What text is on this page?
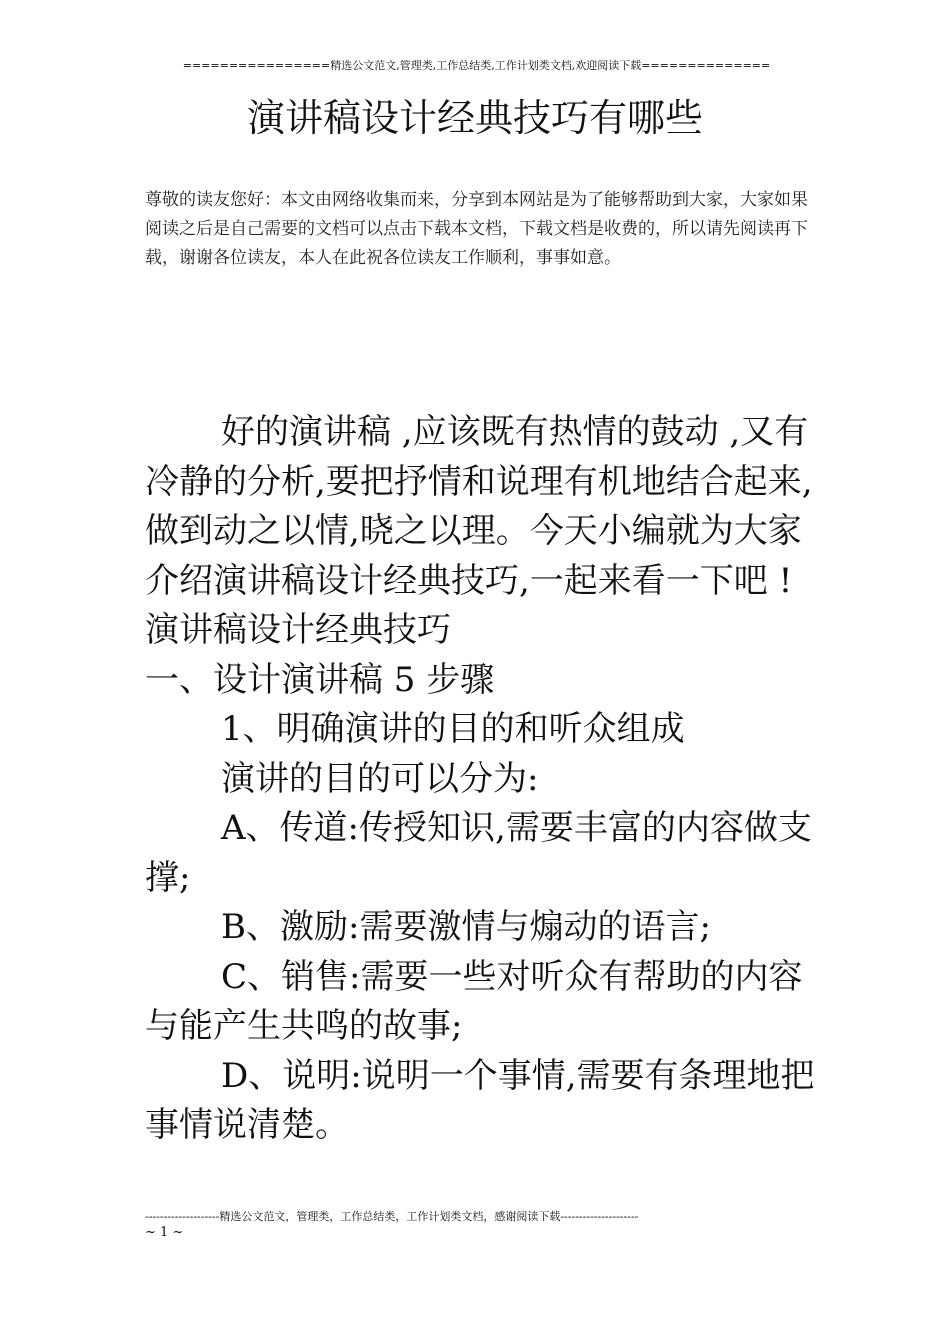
================精选公文范文,管理类,工作总结类,工作计划类文档,欢迎阅读下载==============
演讲稿设计经典技巧有哪些
尊敬的读友您好：本文由网络收集而来，分享到本网站是为了能够帮助到大家，大家如果阅读之后是自己需要的文档可以点击下载本文档，下载文档是收费的，所以请先阅读再下载，谢谢各位读友，本人在此祝各位读友工作顺利，事事如意。

好的演讲稿 ,应该既有热情的鼓动 ,又有冷静的分析,要把抒情和说理有机地结合起来,做到动之以情,晓之以理。今天小编就为大家介绍演讲稿设计经典技巧,一起来看一下吧 !演讲稿设计经典技巧

一、设计演讲稿 5 步骤

1、明确演讲的目的和听众组成

演讲的目的可以分为:

A、传道:传授知识,需要丰富的内容做支撑;

B、激励:需要激情与煽动的语言;

C、销售:需要一些对听众有帮助的内容与能产生共鸣的故事;

D、说明:说明一个事情,需要有条理地把事情说清楚。

--------------------精选公文范文，管理类，工作总结类，工作计划类文档，感谢阅读下载---------------------
~ 1 ~
